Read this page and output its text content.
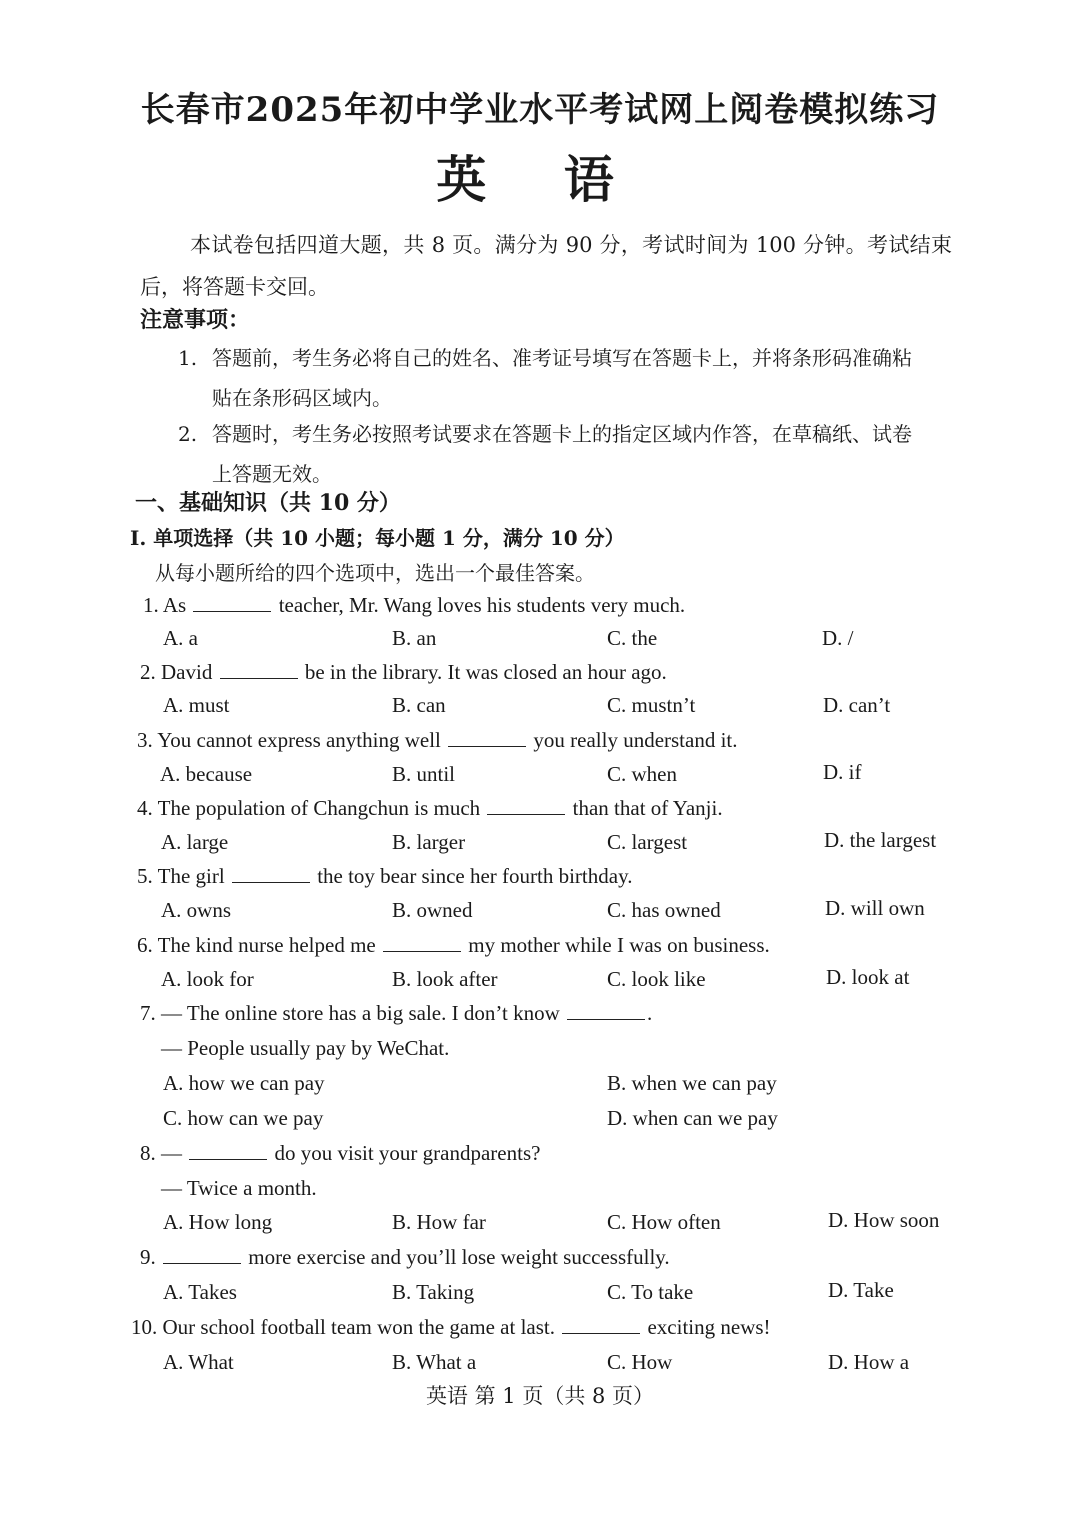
长春市2025年初中学业水平考试网上阅卷模拟练习
英 语
本试卷包括四道大题，共 8 页。满分为 90 分，考试时间为 100 分钟。考试结束后，将答题卡交回。
注意事项：
1. 答题前，考生务必将自己的姓名、准考证号填写在答题卡上，并将条形码准确粘
贴在条形码区域内。
2. 答题时，考生务必按照考试要求在答题卡上的指定区域内作答，在草稿纸、试卷
上答题无效。
一、基础知识（共 10 分）
I. 单项选择（共 10 小题；每小题 1 分，满分 10 分）
从每小题所给的四个选项中，选出一个最佳答案。
1. As	teacher, Mr. Wang loves his students very much.
A. a	B. an	C. the	D. /
2. David	be in the library. It was closed an hour ago.
A. must	B. can	C. mustn’t	D. can’t
3. You cannot express anything well	you really understand it.
A. because	B. until	C. when	D. if
4. The population of Changchun is much	than that of Yanji.
A. large	B. larger	C. largest	D. the largest
5. The girl	the toy bear since her fourth birthday.
A. owns	B. owned	C. has owned	D. will own
6. The kind nurse helped me	my mother while I was on business.
A. look for	B. look after	C. look like	D. look at
7. — The online store has a big sale. I don’t know	.
— People usually pay by WeChat.
A. how we can pay	B. when we can pay
C. how can we pay	D. when can we pay
8. —	do you visit your grandparents?
— Twice a month.
A. How long	B. How far	C. How often	D. How soon
9.	more exercise and you’ll lose weight successfully.
A. Takes	B. Taking	C. To take	D. Take
10. Our school football team won the game at last.	exciting news!
A. What	B. What a	C. How	D. How a
英语 第 1 页（共 8 页）
